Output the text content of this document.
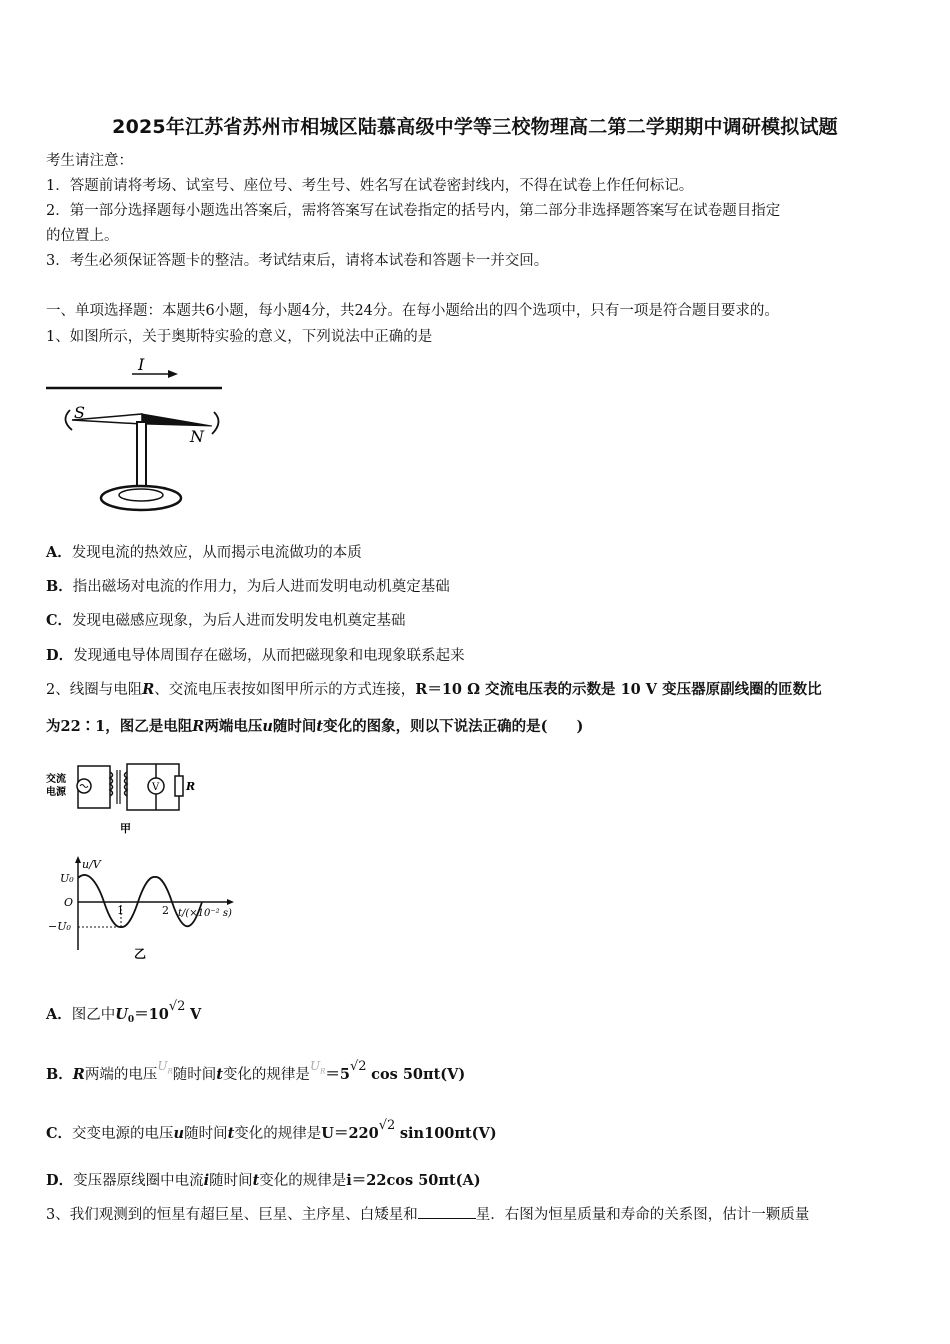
2025年江苏省苏州市相城区陆慕高级中学等三校物理高二第二学期期中调研模拟试题
考生请注意：
1．答题前请将考场、试室号、座位号、考生号、姓名写在试卷密封线内，不得在试卷上作任何标记。
2．第一部分选择题每小题选出答案后，需将答案写在试卷指定的括号内，第二部分非选择题答案写在试卷题目指定
的位置上。
3．考生必须保证答题卡的整洁。考试结束后，请将本试卷和答题卡一并交回。
一、单项选择题：本题共6小题，每小题4分，共24分。在每小题给出的四个选项中，只有一项是符合题目要求的。
1、如图所示，关于奥斯特实验的意义，下列说法中正确的是
I
S
N
A．发现电流的热效应，从而揭示电流做功的本质
B．指出磁场对电流的作用力，为后人进而发明电动机奠定基础
C．发现电磁感应现象，为后人进而发明发电机奠定基础
D．发现通电导体周围存在磁场，从而把磁现象和电现象联系起来
2、线圈与电阻R、交流电压表按如图甲所示的方式连接，R＝10 Ω 交流电压表的示数是 10 V 变压器原副线圈的匝数比
为22∶1，图乙是电阻R两端电压u随时间t变化的图象，则以下说法正确的是(　　)
交流
电源	V R
甲
u/V
U₀
O
−U₀
1	2 t/(×10⁻² s)
乙
A．图乙中$U_0=10√2$ V
B．R两端的电压$^{U_R}$随时间t变化的规律是$^{U_R}$＝5√2 cos 50πt(V)
C．交变电源的电压u随时间t变化的规律是U＝220√2 sin100πt(V)
D．变压器原线圈中电流i随时间t变化的规律是i＝22cos 50πt(A)
3、我们观测到的恒星有超巨星、巨星、主序星、白矮星和	星．右图为恒星质量和寿命的关系图，估计一颗质量
